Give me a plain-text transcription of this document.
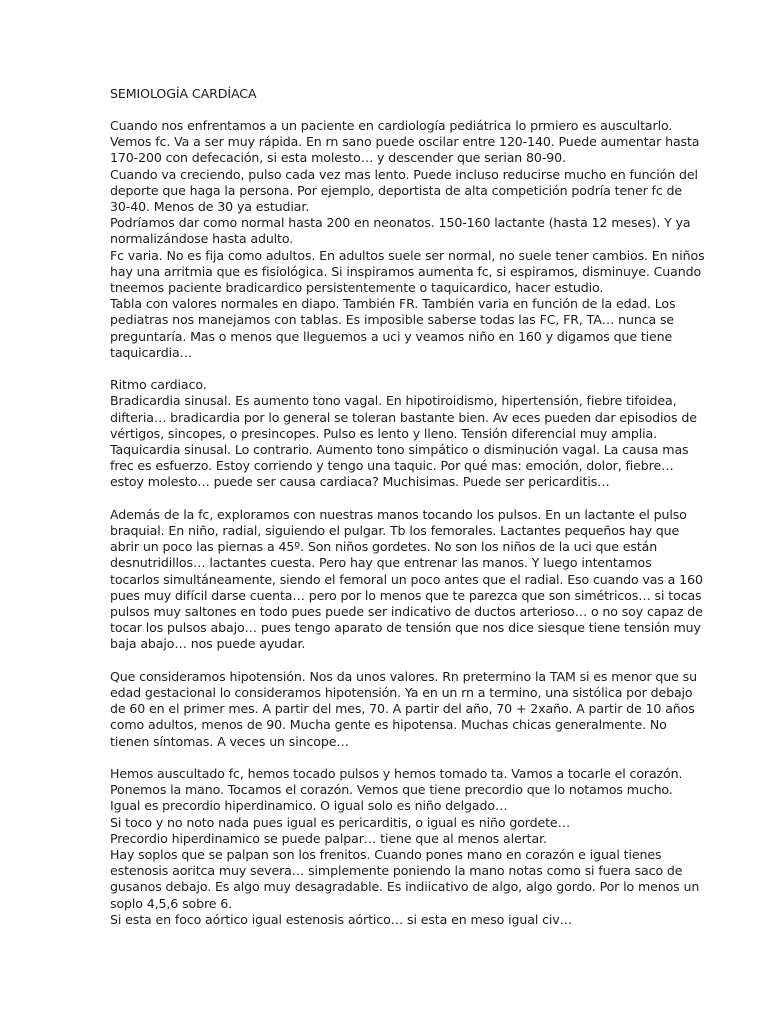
SEMIOLOGÍA CARDÍACA
Cuando nos enfrentamos a un paciente en cardiología pediátrica lo prmiero es auscultarlo.
Vemos fc. Va a ser muy rápida. En rn sano puede oscilar entre 120-140. Puede aumentar hasta
170-200 con defecación, si esta molesto… y descender que serian 80-90.
Cuando va creciendo, pulso cada vez mas lento. Puede incluso reducirse mucho en función del
deporte que haga la persona. Por ejemplo, deportista de alta competición podría tener fc de
30-40. Menos de 30 ya estudiar.
Podríamos dar como normal hasta 200 en neonatos. 150-160 lactante (hasta 12 meses). Y ya
normalizándose hasta adulto.
Fc varia. No es fija como adultos. En adultos suele ser normal, no suele tener cambios. En niños
hay una arritmia que es fisiológica. Si inspiramos aumenta fc, si espiramos, disminuye. Cuando
tneemos paciente bradicardico persistentemente o taquicardico, hacer estudio.
Tabla con valores normales en diapo. También FR. También varia en función de la edad. Los
pediatras nos manejamos con tablas. Es imposible saberse todas las FC, FR, TA… nunca se
preguntaría. Mas o menos que lleguemos a uci y veamos niño en 160 y digamos que tiene
taquicardia…
Ritmo cardiaco.
Bradicardia sinusal. Es aumento tono vagal. En hipotiroidismo, hipertensión, fiebre tifoidea,
difteria… bradicardia por lo general se toleran bastante bien. Av eces pueden dar episodios de
vértigos, sincopes, o presincopes. Pulso es lento y lleno. Tensión diferencial muy amplia.
Taquicardia sinusal. Lo contrario. Aumento tono simpático o disminución vagal. La causa mas
frec es esfuerzo. Estoy corriendo y tengo una taquic. Por qué mas: emoción, dolor, fiebre…
estoy molesto… puede ser causa cardiaca? Muchisimas. Puede ser pericarditis…
Además de la fc, exploramos con nuestras manos tocando los pulsos. En un lactante el pulso
braquial. En niño, radial, siguiendo el pulgar. Tb los femorales. Lactantes pequeños hay que
abrir un poco las piernas a 45º. Son niños gordetes. No son los niños de la uci que están
desnutridillos… lactantes cuesta. Pero hay que entrenar las manos. Y luego intentamos
tocarlos simultáneamente, siendo el femoral un poco antes que el radial. Eso cuando vas a 160
pues muy difícil darse cuenta… pero por lo menos que te parezca que son simétricos… si tocas
pulsos muy saltones en todo pues puede ser indicativo de ductos arterioso… o no soy capaz de
tocar los pulsos abajo… pues tengo aparato de tensión que nos dice siesque tiene tensión muy
baja abajo… nos puede ayudar.
Que consideramos hipotensión. Nos da unos valores. Rn pretermino la TAM si es menor que su
edad gestacional lo consideramos hipotensión. Ya en un rn a termino, una sistólica por debajo
de 60 en el primer mes. A partir del mes, 70. A partir del año, 70 + 2xaño. A partir de 10 años
como adultos, menos de 90. Mucha gente es hipotensa. Muchas chicas generalmente. No
tienen síntomas. A veces un sincope…
Hemos auscultado fc, hemos tocado pulsos y hemos tomado ta. Vamos a tocarle el corazón.
Ponemos la mano. Tocamos el corazón. Vemos que tiene precordio que lo notamos mucho.
Igual es precordio hiperdinamico. O igual solo es niño delgado…
Si toco y no noto nada pues igual es pericarditis, o igual es niño gordete…
Precordio hiperdinamico se puede palpar… tiene que al menos alertar.
Hay soplos que se palpan son los frenitos. Cuando pones mano en corazón e igual tienes
estenosis aoritca muy severa… simplemente poniendo la mano notas como si fuera saco de
gusanos debajo. Es algo muy desagradable. Es indiicativo de algo, algo gordo. Por lo menos un
soplo 4,5,6 sobre 6.
Si esta en foco aórtico igual estenosis aórtico… si esta en meso igual civ…
